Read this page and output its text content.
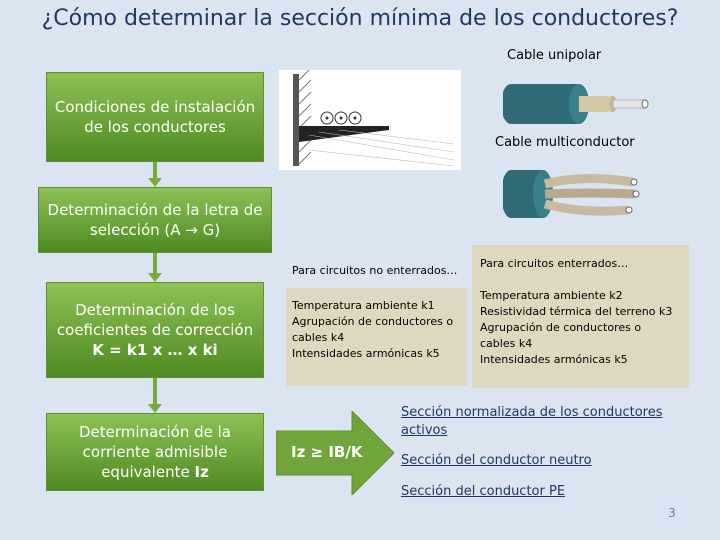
¿Cómo determinar la sección mínima de los conductores?
Condiciones de instalación de los conductores
Determinación de la letra de selección (A → G)
Determinación de los coeficientes de corrección
K = k1 x … x ki
Determinación de la corriente admisible equivalente Iz
Cable unipolar
Cable multiconductor
Para circuitos no enterrados…
Temperatura ambiente k1
Agrupación de conductores o
cables k4
Intensidades armónicas k5
Para circuitos enterrados…
Temperatura ambiente k2
Resistividad térmica del terreno k3
Agrupación de conductores o
cables k4
Intensidades armónicas k5
Iz ≥ IB/K
Sección normalizada de los conductores activos
Sección del conductor neutro
Sección del conductor PE
3
